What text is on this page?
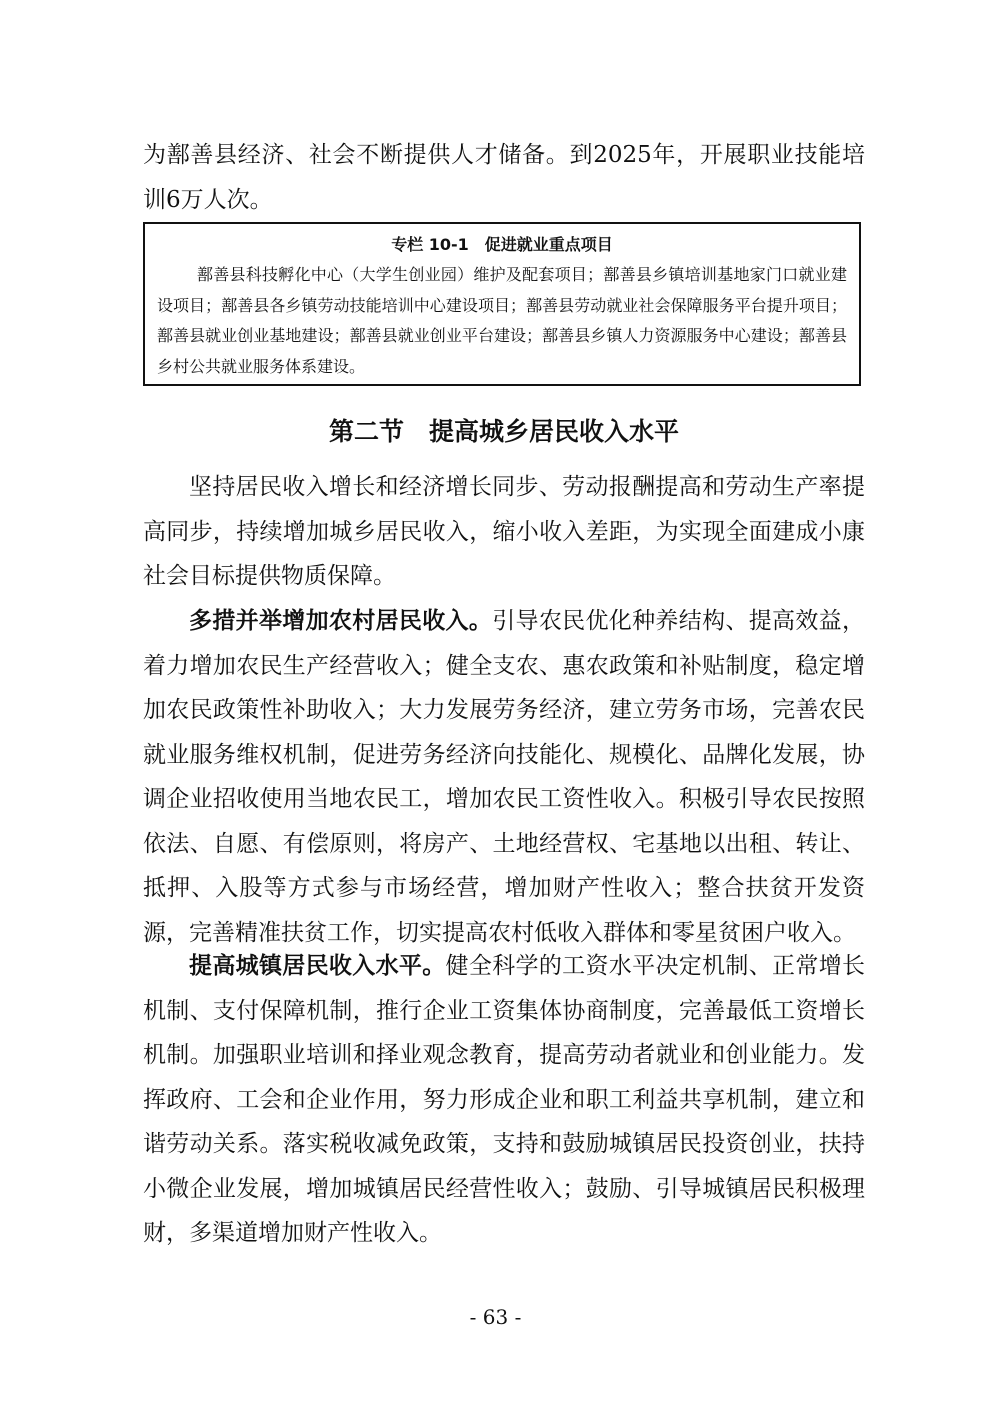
为鄯善县经济、社会不断提供人才储备。到2025年，开展职业技能培训6万人次。

专栏 10-1　促进就业重点项目

鄯善县科技孵化中心（大学生创业园）维护及配套项目；鄯善县乡镇培训基地家门口就业建设项目；鄯善县各乡镇劳动技能培训中心建设项目；鄯善县劳动就业社会保障服务平台提升项目；鄯善县就业创业基地建设；鄯善县就业创业平台建设；鄯善县乡镇人力资源服务中心建设；鄯善县乡村公共就业服务体系建设。

第二节　提高城乡居民收入水平

坚持居民收入增长和经济增长同步、劳动报酬提高和劳动生产率提高同步，持续增加城乡居民收入，缩小收入差距，为实现全面建成小康社会目标提供物质保障。

多措并举增加农村居民收入。引导农民优化种养结构、提高效益，着力增加农民生产经营收入；健全支农、惠农政策和补贴制度，稳定增加农民政策性补助收入；大力发展劳务经济，建立劳务市场，完善农民就业服务维权机制，促进劳务经济向技能化、规模化、品牌化发展，协调企业招收使用当地农民工，增加农民工资性收入。积极引导农民按照依法、自愿、有偿原则，将房产、土地经营权、宅基地以出租、转让、抵押、入股等方式参与市场经营，增加财产性收入；整合扶贫开发资源，完善精准扶贫工作，切实提高农村低收入群体和零星贫困户收入。

提高城镇居民收入水平。健全科学的工资水平决定机制、正常增长机制、支付保障机制，推行企业工资集体协商制度，完善最低工资增长机制。加强职业培训和择业观念教育，提高劳动者就业和创业能力。发挥政府、工会和企业作用，努力形成企业和职工利益共享机制，建立和谐劳动关系。落实税收减免政策，支持和鼓励城镇居民投资创业，扶持小微企业发展，增加城镇居民经营性收入；鼓励、引导城镇居民积极理财，多渠道增加财产性收入。

- 63 -
